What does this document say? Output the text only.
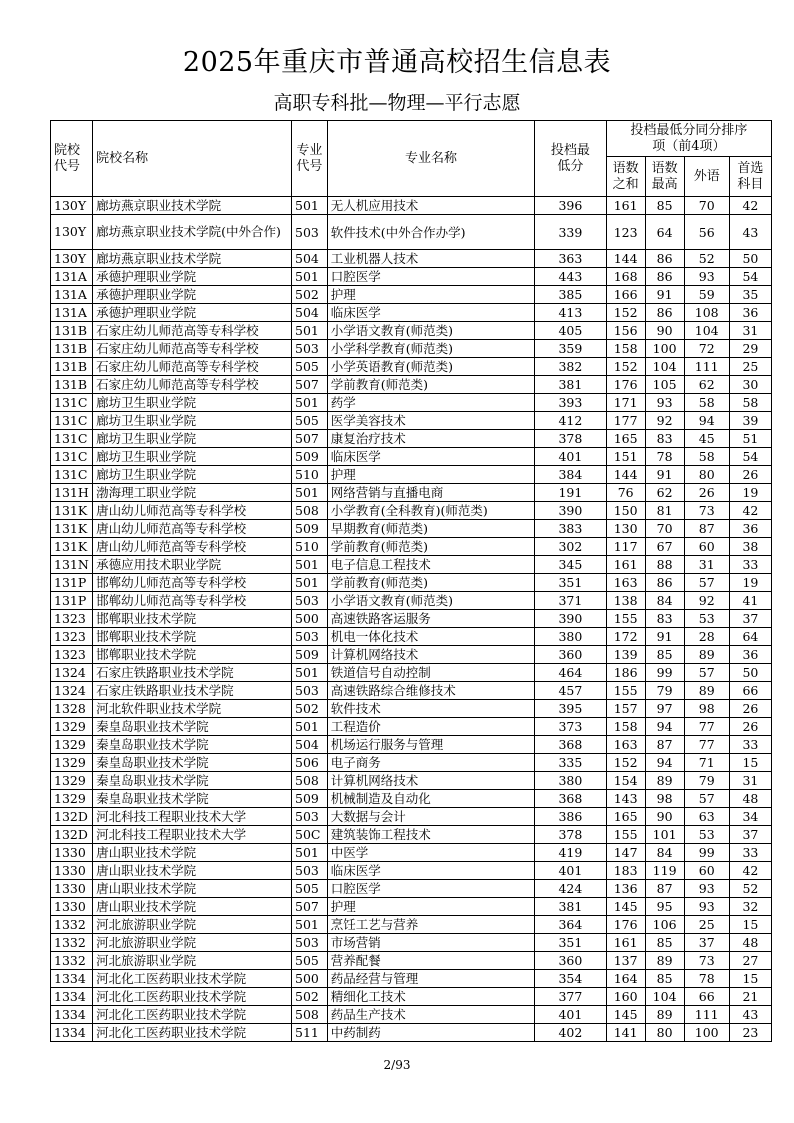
2025年重庆市普通高校招生信息表
高职专科批—物理—平行志愿
院校代号	院校名称	专业代号	专业名称	投档最低分	投档最低分同分排序项（前4项）			
					语数之和	语数最高	外语	首选科目
130Y	廊坊燕京职业技术学院	501	无人机应用技术	396	161	85	70	42
130Y	廊坊燕京职业技术学院(中外合作)	503	软件技术(中外合作办学)	339	123	64	56	43
130Y	廊坊燕京职业技术学院	504	工业机器人技术	363	144	86	52	50
131A	承德护理职业学院	501	口腔医学	443	168	86	93	54
131A	承德护理职业学院	502	护理	385	166	91	59	35
131A	承德护理职业学院	504	临床医学	413	152	86	108	36
131B	石家庄幼儿师范高等专科学校	501	小学语文教育(师范类)	405	156	90	104	31
131B	石家庄幼儿师范高等专科学校	503	小学科学教育(师范类)	359	158	100	72	29
131B	石家庄幼儿师范高等专科学校	505	小学英语教育(师范类)	382	152	104	111	25
131B	石家庄幼儿师范高等专科学校	507	学前教育(师范类)	381	176	105	62	30
131C	廊坊卫生职业学院	501	药学	393	171	93	58	58
131C	廊坊卫生职业学院	505	医学美容技术	412	177	92	94	39
131C	廊坊卫生职业学院	507	康复治疗技术	378	165	83	45	51
131C	廊坊卫生职业学院	509	临床医学	401	151	78	58	54
131C	廊坊卫生职业学院	510	护理	384	144	91	80	26
131H	渤海理工职业学院	501	网络营销与直播电商	191	76	62	26	19
131K	唐山幼儿师范高等专科学校	508	小学教育(全科教育)(师范类)	390	150	81	73	42
131K	唐山幼儿师范高等专科学校	509	早期教育(师范类)	383	130	70	87	36
131K	唐山幼儿师范高等专科学校	510	学前教育(师范类)	302	117	67	60	38
131N	承德应用技术职业学院	501	电子信息工程技术	345	161	88	31	33
131P	邯郸幼儿师范高等专科学校	501	学前教育(师范类)	351	163	86	57	19
131P	邯郸幼儿师范高等专科学校	503	小学语文教育(师范类)	371	138	84	92	41
1323	邯郸职业技术学院	500	高速铁路客运服务	390	155	83	53	37
1323	邯郸职业技术学院	503	机电一体化技术	380	172	91	28	64
1323	邯郸职业技术学院	509	计算机网络技术	360	139	85	89	36
1324	石家庄铁路职业技术学院	501	铁道信号自动控制	464	186	99	57	50
1324	石家庄铁路职业技术学院	503	高速铁路综合维修技术	457	155	79	89	66
1328	河北软件职业技术学院	502	软件技术	395	157	97	98	26
1329	秦皇岛职业技术学院	501	工程造价	373	158	94	77	26
1329	秦皇岛职业技术学院	504	机场运行服务与管理	368	163	87	77	33
1329	秦皇岛职业技术学院	506	电子商务	335	152	94	71	15
1329	秦皇岛职业技术学院	508	计算机网络技术	380	154	89	79	31
1329	秦皇岛职业技术学院	509	机械制造及自动化	368	143	98	57	48
132D	河北科技工程职业技术大学	503	大数据与会计	386	165	90	63	34
132D	河北科技工程职业技术大学	50C	建筑装饰工程技术	378	155	101	53	37
1330	唐山职业技术学院	501	中医学	419	147	84	99	33
1330	唐山职业技术学院	503	临床医学	401	183	119	60	42
1330	唐山职业技术学院	505	口腔医学	424	136	87	93	52
1330	唐山职业技术学院	507	护理	381	145	95	93	32
1332	河北旅游职业学院	501	烹饪工艺与营养	364	176	106	25	15
1332	河北旅游职业学院	503	市场营销	351	161	85	37	48
1332	河北旅游职业学院	505	营养配餐	360	137	89	73	27
1334	河北化工医药职业技术学院	500	药品经营与管理	354	164	85	78	15
1334	河北化工医药职业技术学院	502	精细化工技术	377	160	104	66	21
1334	河北化工医药职业技术学院	508	药品生产技术	401	145	89	111	43
1334	河北化工医药职业技术学院	511	中药制药	402	141	80	100	23
2/93
